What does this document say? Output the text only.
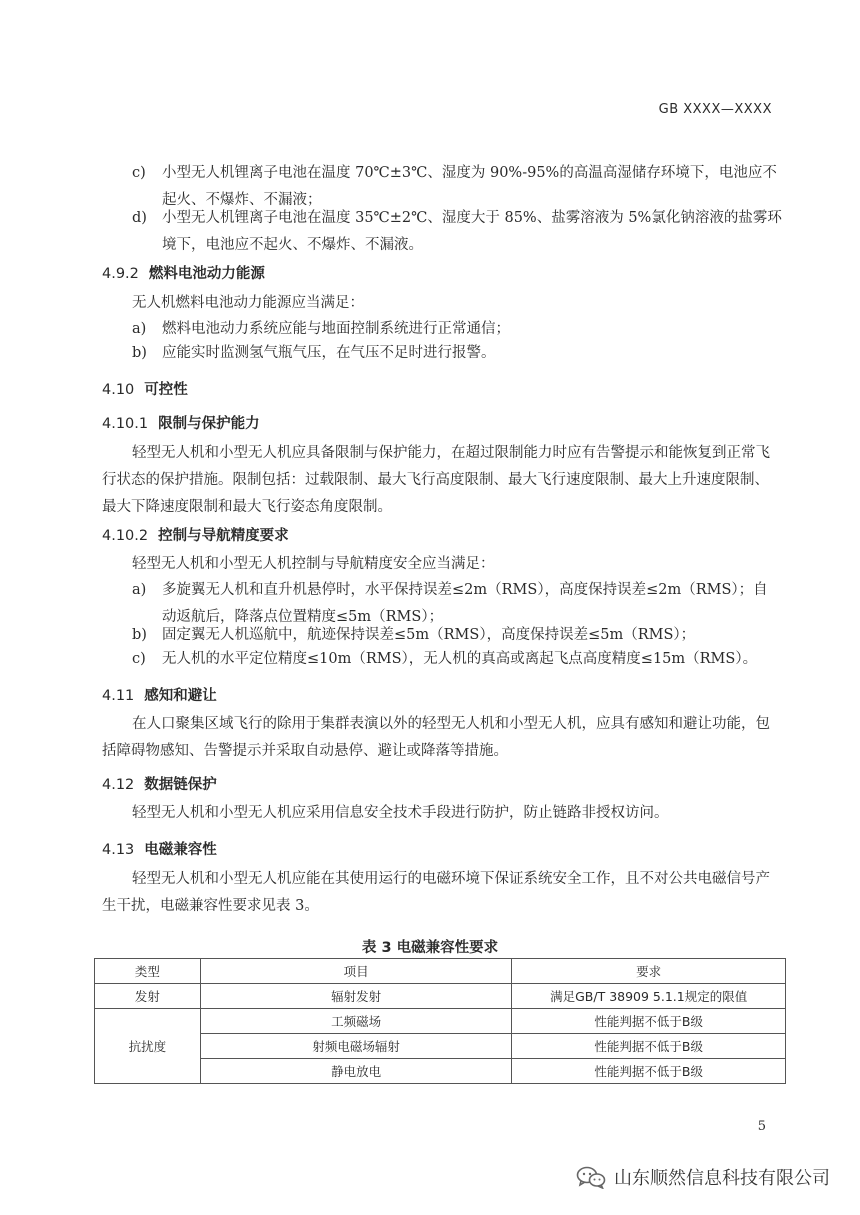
GB XXXX—XXXX
c) 小型无人机锂离子电池在温度 70℃±3℃、湿度为 90%-95%的高温高湿储存环境下，电池应不起火、不爆炸、不漏液；
d) 小型无人机锂离子电池在温度 35℃±2℃、湿度大于 85%、盐雾溶液为 5%氯化钠溶液的盐雾环境下，电池应不起火、不爆炸、不漏液。
4.9.2 燃料电池动力能源
无人机燃料电池动力能源应当满足：
a) 燃料电池动力系统应能与地面控制系统进行正常通信；
b) 应能实时监测氢气瓶气压，在气压不足时进行报警。
4.10 可控性
4.10.1 限制与保护能力
轻型无人机和小型无人机应具备限制与保护能力，在超过限制能力时应有告警提示和能恢复到正常飞行状态的保护措施。限制包括：过载限制、最大飞行高度限制、最大飞行速度限制、最大上升速度限制、最大下降速度限制和最大飞行姿态角度限制。
4.10.2 控制与导航精度要求
轻型无人机和小型无人机控制与导航精度安全应当满足：
a) 多旋翼无人机和直升机悬停时，水平保持误差≤2m（RMS），高度保持误差≤2m（RMS）；自动返航后，降落点位置精度≤5m（RMS）；
b) 固定翼无人机巡航中，航迹保持误差≤5m（RMS），高度保持误差≤5m（RMS）；
c) 无人机的水平定位精度≤10m（RMS），无人机的真高或离起飞点高度精度≤15m（RMS）。
4.11 感知和避让
在人口聚集区域飞行的除用于集群表演以外的轻型无人机和小型无人机，应具有感知和避让功能，包括障碍物感知、告警提示并采取自动悬停、避让或降落等措施。
4.12 数据链保护
轻型无人机和小型无人机应采用信息安全技术手段进行防护，防止链路非授权访问。
4.13 电磁兼容性
轻型无人机和小型无人机应能在其使用运行的电磁环境下保证系统安全工作，且不对公共电磁信号产生干扰，电磁兼容性要求见表 3。
表 3 电磁兼容性要求
类型	项目	要求
发射	辐射发射	满足GB/T 38909 5.1.1规定的限值
抗扰度	工频磁场	性能判据不低于B级
	射频电磁场辐射	性能判据不低于B级
	静电放电	性能判据不低于B级
5
山东顺然信息科技有限公司
